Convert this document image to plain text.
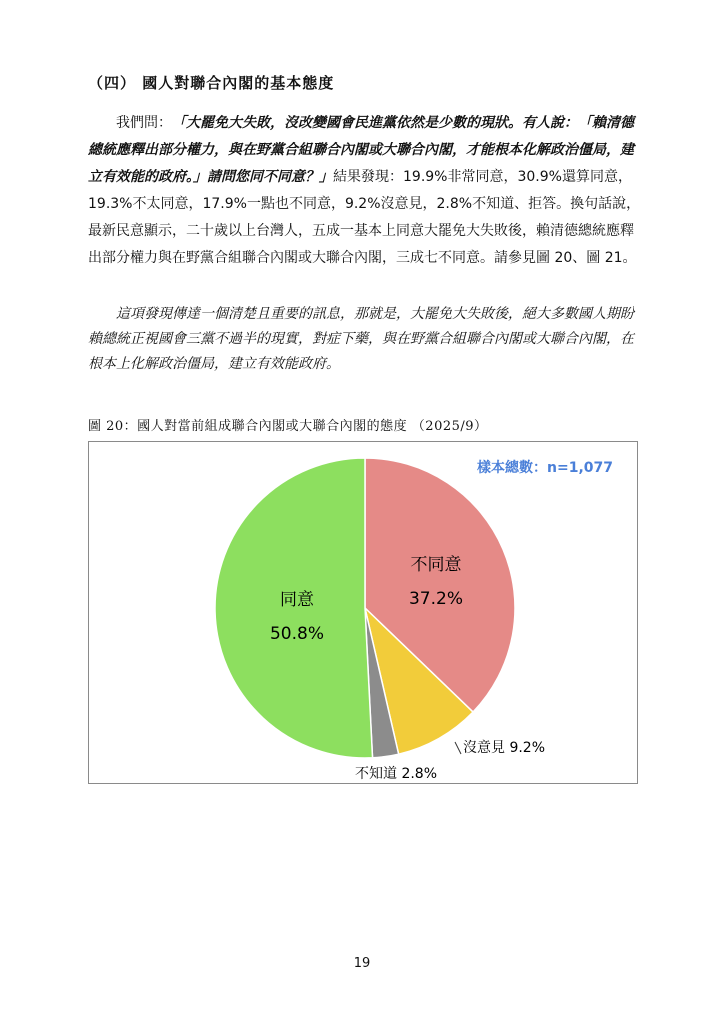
（四） 國人對聯合內閣的基本態度
我們問：「大罷免大失敗，沒改變國會民進黨依然是少數的現狀。有人說：「賴清德總統應釋出部分權力，與在野黨合組聯合內閣或大聯合內閣，才能根本化解政治僵局，建立有效能的政府。」請問您同不同意？」結果發現：19.9%非常同意，30.9%還算同意，19.3%不太同意，17.9%一點也不同意，9.2%沒意見，2.8%不知道、拒答。換句話說，最新民意顯示，二十歲以上台灣人，五成一基本上同意大罷免大失敗後，賴清德總統應釋出部分權力與在野黨合組聯合內閣或大聯合內閣，三成七不同意。請參見圖 20、圖 21。
這項發現傳達一個清楚且重要的訊息，那就是，大罷免大失敗後，絕大多數國人期盼賴總統正視國會三黨不過半的現實，對症下藥，與在野黨合組聯合內閣或大聯合內閣，在根本上化解政治僵局，建立有效能政府。
圖 20：國人對當前組成聯合內閣或大聯合內閣的態度 （2025/9）
樣本總數：n=1,077
不同意
37.2%
同意
50.8%
沒意見 9.2%
不知道 2.8%
19
